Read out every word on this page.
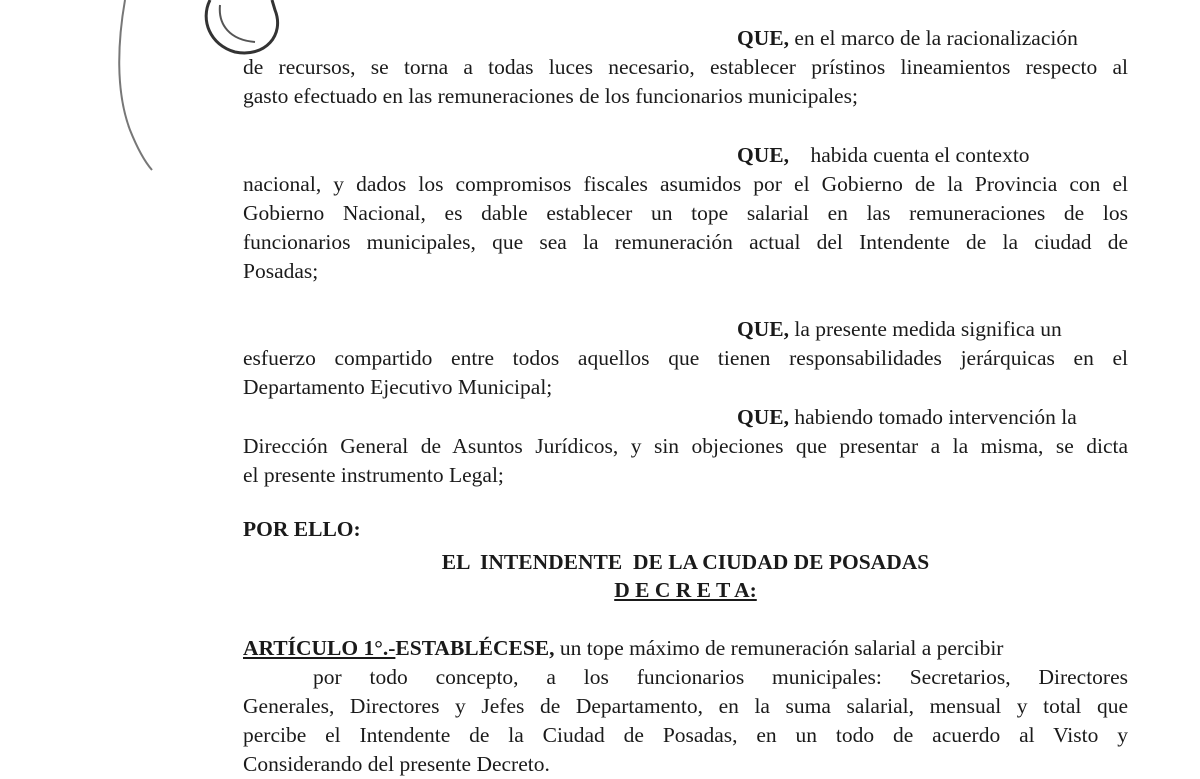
QUE, en el marco de la racionalización
de recursos, se torna a todas luces necesario, establecer prístinos lineamientos respecto al
gasto efectuado en las remuneraciones de los funcionarios municipales;
QUE, habida cuenta el contexto
nacional, y dados los compromisos fiscales asumidos por el Gobierno de la Provincia con el
Gobierno Nacional, es dable establecer un tope salarial en las remuneraciones de los
funcionarios municipales, que sea la remuneración actual del Intendente de la ciudad de
Posadas;
QUE, la presente medida significa un
esfuerzo compartido entre todos aquellos que tienen responsabilidades jerárquicas en el
Departamento Ejecutivo Municipal;
QUE, habiendo tomado intervención la
Dirección General de Asuntos Jurídicos, y sin objeciones que presentar a la misma, se dicta
el presente instrumento Legal;
POR ELLO:
EL  INTENDENTE  DE LA CIUDAD DE POSADAS
D E C R E T A:
ARTÍCULO 1°.-ESTABLÉCESE, un tope máximo de remuneración salarial a percibir
por todo concepto, a los funcionarios municipales: Secretarios, Directores
Generales, Directores y Jefes de Departamento, en la suma salarial, mensual y total que
percibe el Intendente de la Ciudad de Posadas, en un todo de acuerdo al Visto y
Considerando del presente Decreto.
